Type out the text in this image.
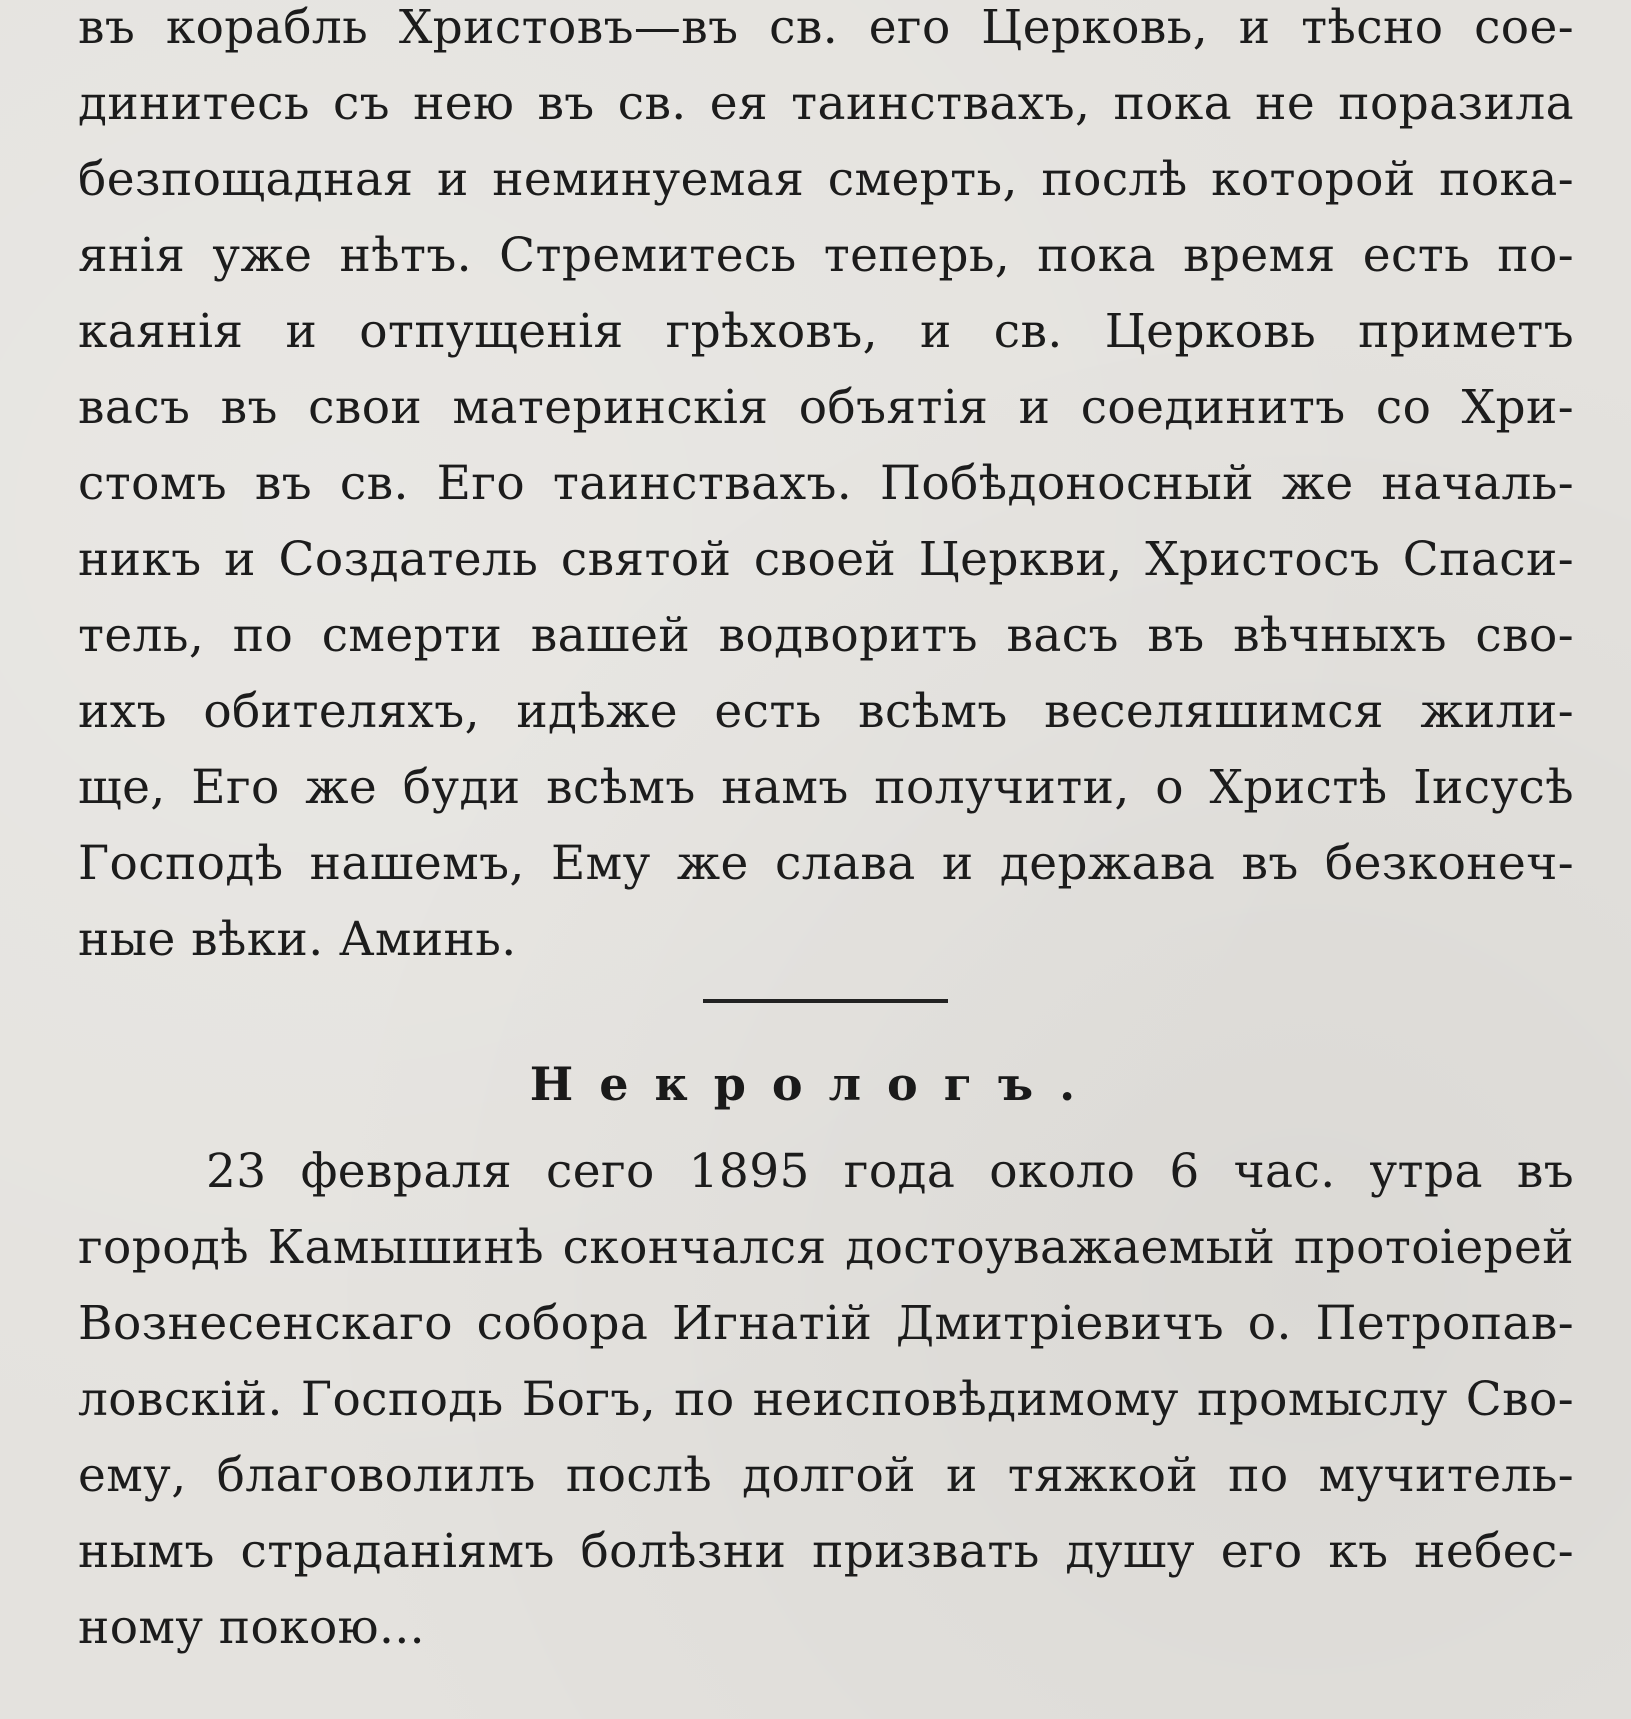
въ корабль Христовъ—въ св. его Церковь, и тѣсно сое-
динитесь съ нею въ св. ея таинствахъ, пока не поразила
безпощадная и неминуемая смерть, послѣ которой пока-
янія уже нѣтъ. Стремитесь теперь, пока время есть по-
каянія и отпущенія грѣховъ, и св. Церковь приметъ
васъ въ свои материнскія объятія и соединитъ со Хри-
стомъ въ св. Его таинствахъ. Побѣдоносный же началь-
никъ и Создатель святой своей Церкви, Христосъ Спаси-
тель, по смерти вашей водворитъ васъ въ вѣчныхъ сво-
ихъ обителяхъ, идѣже есть всѣмъ веселяшимся жили-
ще, Его же буди всѣмъ намъ получити, о Христѣ Іисусѣ
Господѣ нашемъ, Ему же слава и держава въ безконеч-
ные вѣки. Аминь.
Некрологъ.
23 февраля сего 1895 года около 6 час. утра въ
городѣ Камышинѣ скончался достоуважаемый протоіерей
Вознесенскаго собора Игнатій Дмитріевичъ о. Петропав-
ловскій. Господь Богъ, по неисповѣдимому промыслу Сво-
ему, благоволилъ послѣ долгой и тяжкой по мучитель-
нымъ страданіямъ болѣзни призвать душу его къ небес-
ному покою...
